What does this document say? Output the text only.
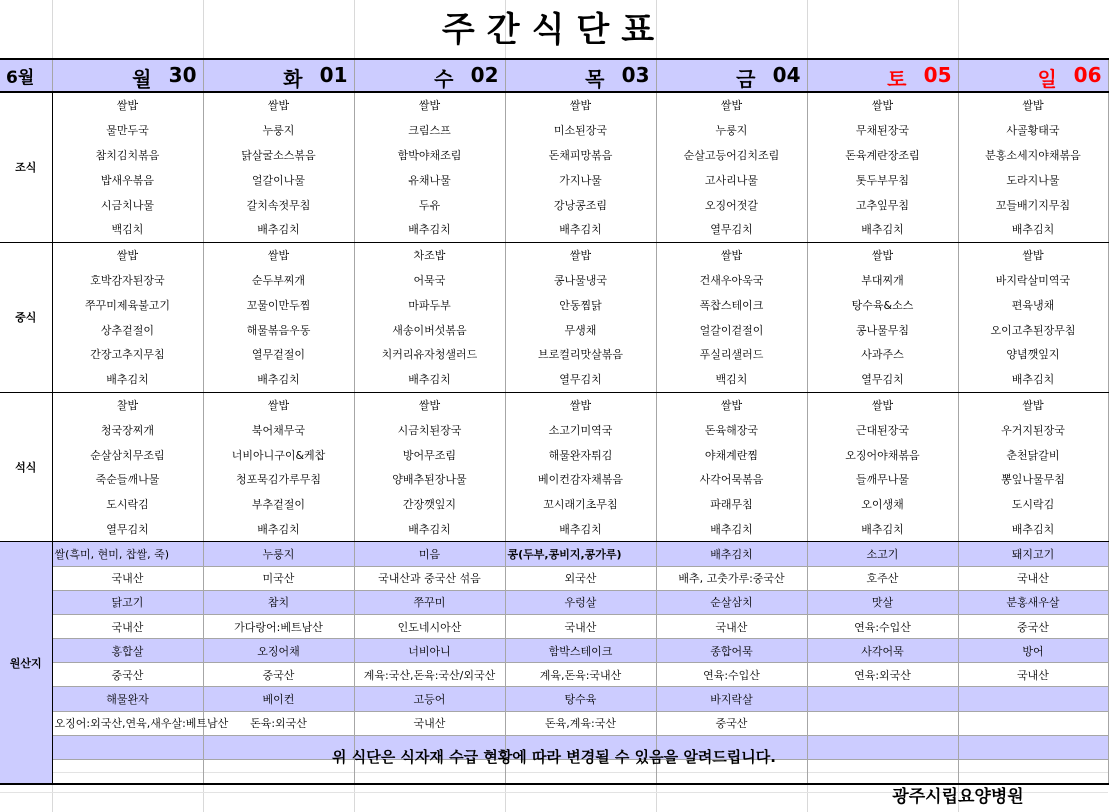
주간식단표
6월	월 30	화 01	수 02	목 03	금 04	토 05	일 06

조식	쌀밥	쌀밥	쌀밥	쌀밥	쌀밥	쌀밥	쌀밥
	물만두국	누룽지	크림스프	미소된장국	누룽지	무채된장국	사골황태국
	참치김치볶음	닭살굴소스볶음	함박야채조림	돈채피망볶음	순살고등어김치조림	돈육계란장조림	분홍소세지야채볶음
	밥새우볶음	얼갈이나물	유채나물	가지나물	고사리나물	톳두부무침	도라지나물
	시금치나물	갈치속젓무침	두유	강낭콩조림	오징어젓갈	고추잎무침	꼬들배기지무침
	백김치	배추김치	배추김치	배추김치	열무김치	배추김치	배추김치
중식	쌀밥	쌀밥	차조밥	쌀밥	쌀밥	쌀밥	쌀밥
	호박감자된장국	순두부찌개	어묵국	콩나물냉국	건새우아욱국	부대찌개	바지락살미역국
	쭈꾸미제육불고기	꼬물이만두찜	마파두부	안동찜닭	폭찹스테이크	탕수육&소스	편육냉채
	상추겉절이	해물볶음우동	새송이버섯볶음	무생채	얼갈이겉절이	콩나물무침	오이고추된장무침
	간장고추지무침	열무겉절이	치커리유자청샐러드	브로컬리맛살볶음	푸실리샐러드	사과주스	양념깻잎지
	배추김치	배추김치	배추김치	열무김치	백김치	열무김치	배추김치
석식	찰밥	쌀밥	쌀밥	쌀밥	쌀밥	쌀밥	쌀밥
	청국장찌개	북어채무국	시금치된장국	소고기미역국	돈육해장국	근대된장국	우거지된장국
	순살삼치무조림	너비아니구이&케찹	방어무조림	해물완자튀김	야채계란찜	오징어야채볶음	춘천닭갈비
	죽순들깨나물	청포묵김가루무침	양배추된장나물	베이컨감자채볶음	사각어묵볶음	들깨무나물	뽕잎나물무침
	도시락김	부추겉절이	간장깻잎지	꼬시래기초무침	파래무침	오이생채	도시락김
	열무김치	배추김치	배추김치	배추김치	배추김치	배추김치	배추김치
원산지	쌀(흑미, 현미, 찹쌀, 죽)	누룽지	미음	콩(두부,콩비지,콩가루)	배추김치	소고기	돼지고기
	국내산	미국산	국내산과 중국산 섞음	외국산	배추, 고춧가루:중국산	호주산	국내산
	닭고기	참치	쭈꾸미	우렁살	순살삼치	맛살	분홍새우살
	국내산	가다랑어:베트남산	인도네시아산	국내산	국내산	연육:수입산	중국산
	홍합살	오징어채	너비아니	함박스테이크	종합어묵	사각어묵	방어
	중국산	중국산	계육:국산,돈육:국산/외국산	계육,돈육:국내산	연육:수입산	연육:외국산	국내산
	해물완자	베이컨	고등어	탕수육	바지락살		
	오징어:외국산,연육,새우살:베트남산	돈육:외국산	국내산	돈육,계육:국산	중국산		

위 식단은 식자재 수급 현황에 따라 변경될 수 있음을 알려드립니다.
광주시립요양병원
